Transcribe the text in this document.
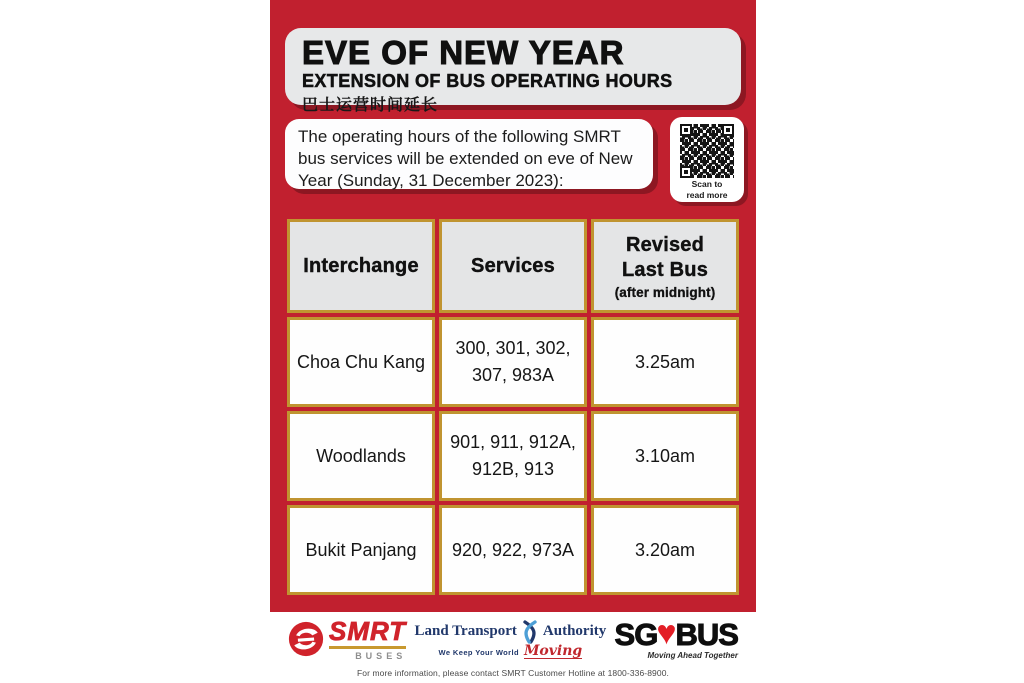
EVE OF NEW YEAR
EXTENSION OF BUS OPERATING HOURS
巴士运营时间延长
The operating hours of the following SMRT bus services will be extended on eve of New Year (Sunday, 31 December 2023):	Scan to
read more
Interchange	Services	Revised
Last Bus
(after midnight)

Choa Chu Kang	300, 301, 302, 307, 983A	3.25am
Woodlands	901, 911, 912A, 912B, 913	3.10am
Bukit Panjang	920, 922, 973A	3.20am
SMRT
BUSES
Land Transport Authority
We Keep Your World Moving SG ♥ BUS
Moving Ahead Together
For more information, please contact SMRT Customer Hotline at 1800-336-8900.
